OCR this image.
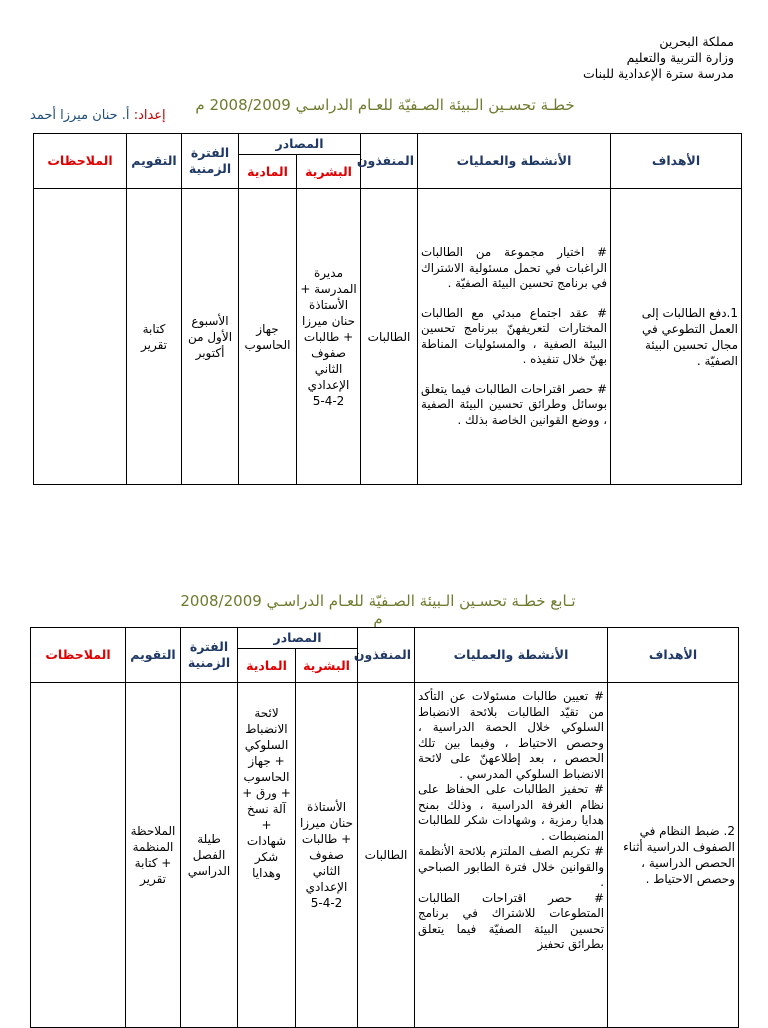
مملكة البحرين
وزارة التربية والتعليم
مدرسة سترة الإعدادية للبنات
خطـة تحسـين الـبيئة الصـفيّة للعـام الدراسـي 2008/2009 م
إعداد: أ. حنان ميرزا أحمد
الأهداف	الأنشطة والعمليات	المنفذون	المصادر		الفترة الزمنية	التقويم	الملاحظات
			البشرية	المادية			
1.دفع الطالبات إلى العمل التطوعي في مجال تحسين البيئة الصفيّة .	# اختيار مجموعة من الطالبات الراغبات في تحمل مسئولية الاشتراك في برنامج تحسين البيئة الصفيّة .

# عقد اجتماع مبدئي مع الطالبات المختارات لتعريفهنّ ببرنامج تحسين البيئة الصفية ، والمسئوليات المناطة بهنّ خلال تنفيذه .

# حصر اقتراحات الطالبات فيما يتعلق بوسائل وطرائق تحسين البيئة الصفية ، ووضع القوانين الخاصة بذلك .	الطالبات	مديرة المدرسة + الأستاذة حنان ميرزا + طالبات صفوف الثاني الإعدادي 2-4-5	جهاز الحاسوب	الأسبوع الأول من أكتوبر	كتابة تقرير	
تـابع خطـة تحسـين الـبيئة الصـفيّة للعـام الدراسـي 2008/2009 م
الأهداف	الأنشطة والعمليات	المنفذون	المصادر		الفترة الزمنية	التقويم	الملاحظات
			البشرية	المادية			
2. ضبط النظام في الصفوف الدراسية أثناء الحصص الدراسية ، وحصص الاحتياط .	# تعيين طالبات مسئولات عن التأكد من تقيّد الطالبات بلائحة الانضباط السلوكي خلال الحصة الدراسية ، وحصص الاحتياط ، وفيما بين تلك الحصص ، بعد إطلاعهنّ على لائحة الانضباط السلوكي المدرسي .

# تحفيز الطالبات على الحفاظ على نظام الغرفة الدراسية ، وذلك بمنح هدايا رمزية ، وشهادات شكر للطالبات المنضبطات .

# تكريم الصف الملتزم بلائحة الأنظمة والقوانين خلال فترة الطابور الصباحي .

# حصر اقتراحات الطالبات المتطوعات للاشتراك في برنامج تحسين البيئة الصفيّة فيما يتعلق بطرائق تحفيز	الطالبات	الأستاذة حنان ميرزا + طالبات صفوف الثاني الإعدادي 2-4-5	لائحة الانضباط السلوكي + جهاز الحاسوب + ورق + آلة نسخ + شهادات شكر وهدايا	طيلة الفصل الدراسي	الملاحظة المنظمة + كتابة تقرير	
